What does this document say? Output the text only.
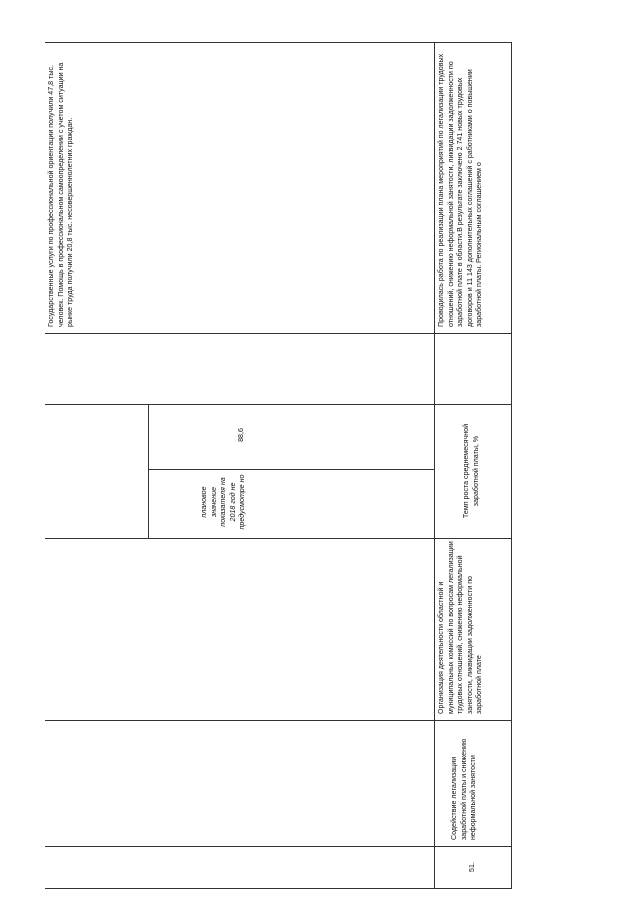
Государственные услуги по профессиональной ориентации получили 47,8 тыс. человек. Помощь в профессиональном самоопределении с учетом ситуации на рынке труда получили 20,8 тыс. несовершеннолетних граждан.
плановое значение показателя на 2018 год не предусмотре но
88,6
51.
Содействие легализации заработной платы и снижению неформальной занятости
Организация деятельности областной и муниципальных комиссий по вопросам легализации трудовых отношений, снижению неформальной занятости, ликвидации задолженности по заработной плате
Темп роста среднемесячной заработной платы, %
Проводилась работа по реализации плана мероприятий по легализации трудовых отношений, снижению неформальной занятости, ликвидации задолженности по заработной плате в области.В результате заключено 2 741 новых трудовых договоров и 11 143 дополнительных соглашений с работниками о повышении заработной платы. Региональным соглашением о
